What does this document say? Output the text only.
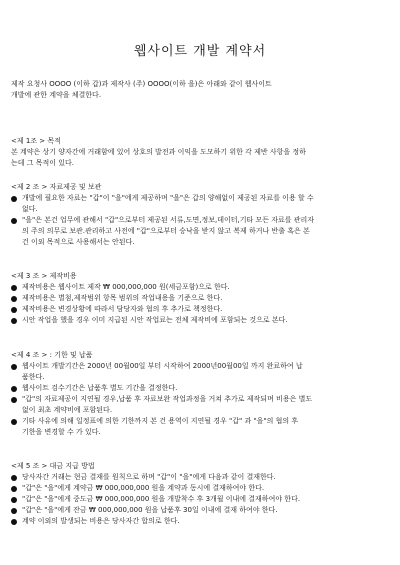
웹사이트 개발 계약서
제작 요청사 OOOO (이하 갑)과 제작사 (주) OOOO(이하 을)은 아래와 같이 웹사이트
개발에 관한 계약을 체결한다.
<제 1조 > 목적
본 계약은 상기 양자간에 거래함에 있어 상호의 발전과 이익을 도모하기 위한 각 제반 사항을 정하
는데 그 목적이 있다.
<제 2 조 > 자료제공 및 보관
개발에 필요한 자료는 "갑"이 "을"에게 제공하며 "을"은 갑의 양해없이 제공된 자료를 이용 할 수
없다.
"을"은 본건 업무에 관해서 "갑"으로부터 제공된 서류,도면,정보,데이터,기타 모든 자료를 관리자
의 주의 의무로 보관.관리하고 사전에 "갑"으로부터 승낙을 받지 않고 복제 하거나 반출 혹은 본
건 이외 목적으로 사용해서는 안된다.
<제 3 조 > 제작비용
제작비용은 웹사이트 제작 ₩ 000,000,000 원(세금포함)으로 한다.
제작비용은 별첨,제작범위 항목 범위의 작업내용을 기준으로 한다.
제작비용은 변경상황에 따라서 담당자와 협의 후 추가로 책정한다.
시안 작업을 했을 경우 이미 지급된 시안 작업료는 전체 제작비에 포함되는 것으로 본다.
<제 4 조 > : 기한 및 납품
웹사이트 개발기간은 2000년 00월00일 부터 시작하여 2000년00월00일 까지 완료하여 납
품한다.
웹사이트 검수기간은 납품후 별도 기간을 결정한다.
"갑"의 자료제공이 지연될 경우,납품 후 자료보완 작업과정을 거쳐 추가로 제작되며 비용은 별도
없이 최초 계약비에 포함된다.
기타 사유에 의해 일정표에 의한 기한까지 본 건 용역이 지연될 경우 "갑" 과 "을"의 협의 후
기한을 변경할 수 가 있다.
<제 5 조 > 대금 지급 방법
당사자간 거래는 현금 결재를 원칙으로 하며 "갑"이 "을"에게 다음과 같이 결재한다.
"갑"은 "을"에게 계약금 ₩ 000,000,000 원을 계약과 동시에 결재하여야 한다.
"갑"은 "을"에게 중도금 ₩ 000,000,000 원을 개발착수 후 3개월 이내에 결재하여야 한다.
"갑"은 "을"에게 잔금 ₩ 000,000,000 원을 납품후 30일 이내에 결재 하여야 한다.
계약 이외의 발생되는 비용은 당사자간 합의로 한다.
